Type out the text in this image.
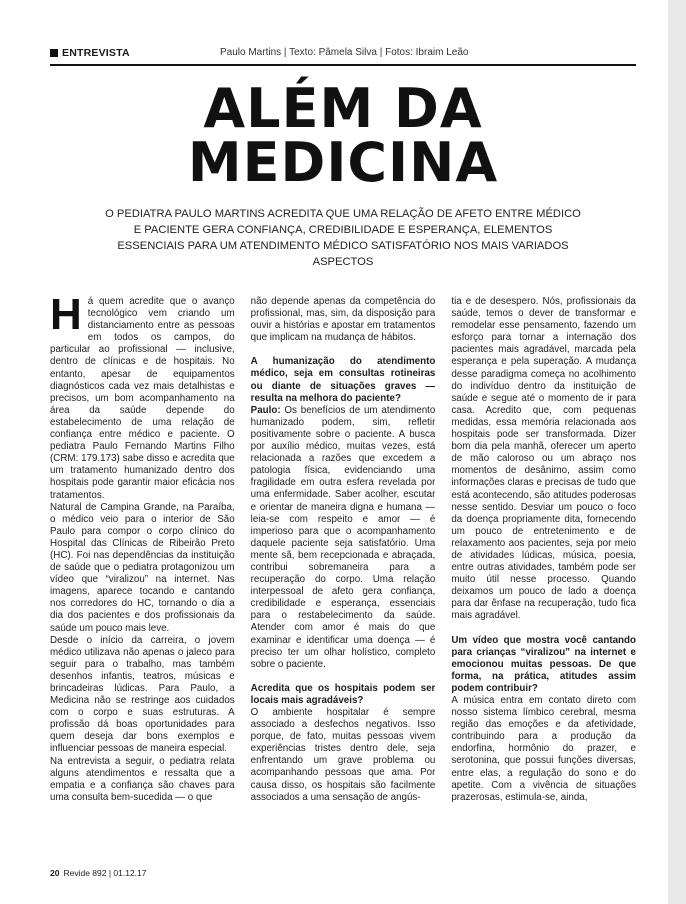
ENTREVISTA	Paulo Martins | Texto: Pâmela Silva | Fotos: Ibraim Leão
ALÉM DA
MEDICINA
O PEDIATRA PAULO MARTINS ACREDITA QUE UMA RELAÇÃO DE AFETO ENTRE MÉDICO E PACIENTE GERA CONFIANÇA, CREDIBILIDADE E ESPERANÇA, ELEMENTOS ESSENCIAIS PARA UM ATENDIMENTO MÉDICO SATISFATÓRIO NOS MAIS VARIADOS ASPECTOS

Há quem acredite que o avanço tecnológico vem criando um distanciamento entre as pessoas em todos os campos, do particular ao profissional — inclusive, dentro de clínicas e de hospitais. No entanto, apesar de equipamentos diagnósticos cada vez mais detalhistas e precisos, um bom acompanhamento na área da saúde depende do estabelecimento de uma relação de confiança entre médico e paciente. O pediatra Paulo Fernando Martins Filho (CRM: 179.173) sabe disso e acredita que um tratamento humanizado dentro dos hospitais pode garantir maior eficácia nos tratamentos.

Natural de Campina Grande, na Paraíba, o médico veio para o interior de São Paulo para compor o corpo clínico do Hospital das Clínicas de Ribeirão Preto (HC). Foi nas dependências da instituição de saúde que o pediatra protagonizou um vídeo que “viralizou” na internet. Nas imagens, aparece tocando e cantando nos corredores do HC, tornando o dia a dia dos pacientes e dos profissionais da saúde um pouco mais leve.

Desde o início da carreira, o jovem médico utilizava não apenas o jaleco para seguir para o trabalho, mas também desenhos infantis, teatros, músicas e brincadeiras lúdicas. Para Paulo, a Medicina não se restringe aos cuidados com o corpo e suas estruturas. A profissão dá boas oportunidades para quem deseja dar bons exemplos e influenciar pessoas de maneira especial.

Na entrevista a seguir, o pediatra relata alguns atendimentos e ressalta que a empatia e a confiança são chaves para uma consulta bem-sucedida — o que

não depende apenas da competência do profissional, mas, sim, da disposição para ouvir a histórias e apostar em tratamentos que implicam na mudança de hábitos.

A humanização do atendimento médico, seja em consultas rotineiras ou diante de situações graves — resulta na melhora do paciente?

Paulo: Os benefícios de um atendimento humanizado podem, sim, refletir positivamente sobre o paciente. A busca por auxílio médico, muitas vezes, está relacionada a razões que excedem a patologia física, evidenciando uma fragilidade em outra esfera revelada por uma enfermidade. Saber acolher, escutar e orientar de maneira digna e humana — leia-se com respeito e amor — é imperioso para que o acompanhamento daquele paciente seja satisfatório. Uma mente sã, bem recepcionada e abraçada, contribui sobremaneira para a recuperação do corpo. Uma relação interpessoal de afeto gera confiança, credibilidade e esperança, essenciais para o restabelecimento da saúde. Atender com amor é mais do que examinar e identificar uma doença — é preciso ter um olhar holístico, completo sobre o paciente.

Acredita que os hospitais podem ser locais mais agradáveis?

O ambiente hospitalar é sempre associado a desfechos negativos. Isso porque, de fato, muitas pessoas vivem experiências tristes dentro dele, seja enfrentando um grave problema ou acompanhando pessoas que ama. Por causa disso, os hospitais são facilmente associados a uma sensação de angús-

tia e de desespero. Nós, profissionais da saúde, temos o dever de transformar e remodelar esse pensamento, fazendo um esforço para tornar a internação dos pacientes mais agradável, marcada pela esperança e pela superação. A mudança desse paradigma começa no acolhimento do indivíduo dentro da instituição de saúde e segue até o momento de ir para casa. Acredito que, com pequenas medidas, essa memória relacionada aos hospitais pode ser transformada. Dizer bom dia pela manhã, oferecer um aperto de mão caloroso ou um abraço nos momentos de desânimo, assim como informações claras e precisas de tudo que está acontecendo, são atitudes poderosas nesse sentido. Desviar um pouco o foco da doença propriamente dita, fornecendo um pouco de entretenimento e de relaxamento aos pacientes, seja por meio de atividades lúdicas, música, poesia, entre outras atividades, também pode ser muito útil nesse processo. Quando deixamos um pouco de lado a doença para dar ênfase na recuperação, tudo fica mais agradável.

Um vídeo que mostra você cantando para crianças “viralizou” na internet e emocionou muitas pessoas. De que forma, na prática, atitudes assim podem contribuir?

A música entra em contato direto com nosso sistema límbico cerebral, mesma região das emoções e da afetividade, contribuindo para a produção da endorfina, hormônio do prazer, e serotonina, que possui funções diversas, entre elas, a regulação do sono e do apetite. Com a vivência de situações prazerosas, estimula-se, ainda,

20 Revide 892 | 01.12.17
